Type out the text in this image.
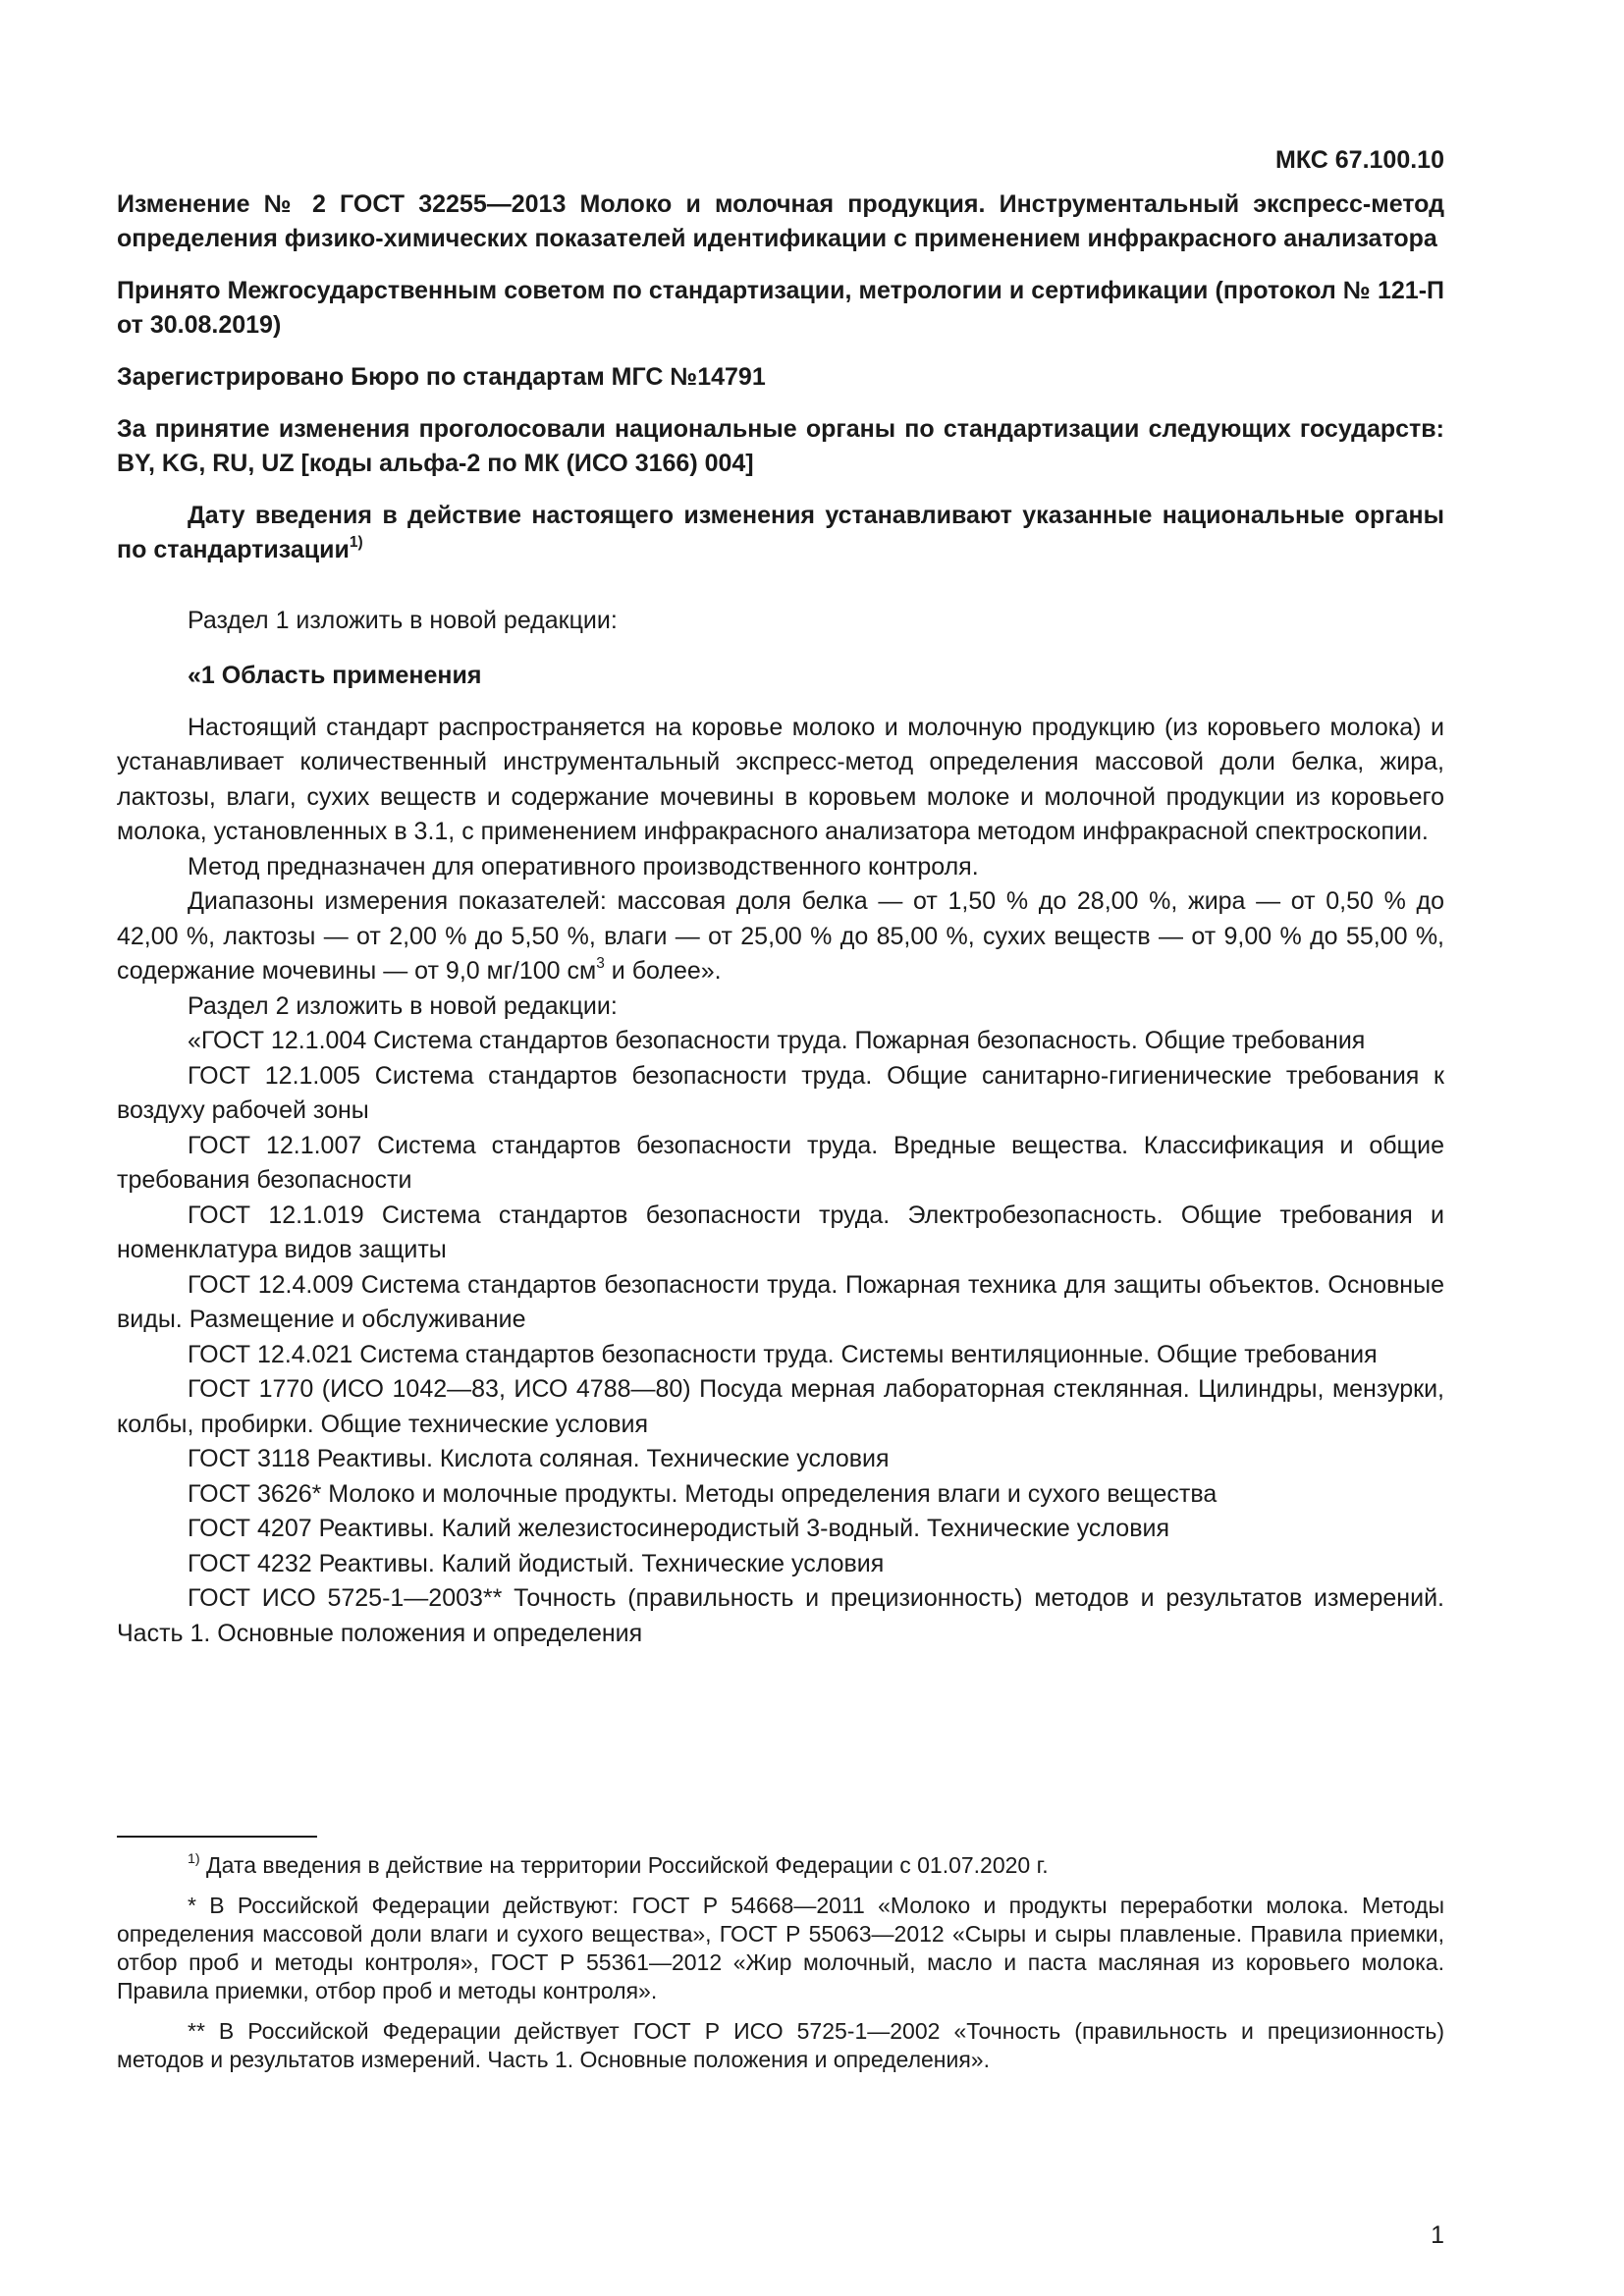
МКС 67.100.10

Изменение № 2 ГОСТ 32255—2013 Молоко и молочная продукция. Инструментальный экспресс-метод определения физико-химических показателей идентификации с применением инфракрасного анализатора

Принято Межгосударственным советом по стандартизации, метрологии и сертификации (протокол № 121-П от 30.08.2019)

Зарегистрировано Бюро по стандартам МГС №14791

За принятие изменения проголосовали национальные органы по стандартизации следующих государств: BY, KG, RU, UZ [коды альфа-2 по МК (ИСО 3166) 004]

Дату введения в действие настоящего изменения устанавливают указанные национальные органы по стандартизации$^{1)}$

Раздел 1 изложить в новой редакции:

«1 Область применения

Настоящий стандарт распространяется на коровье молоко и молочную продукцию (из коровьего молока) и устанавливает количественный инструментальный экспресс-метод определения массовой доли белка, жира, лактозы, влаги, сухих веществ и содержание мочевины в коровьем молоке и молочной продукции из коровьего молока, установленных в 3.1, с применением инфракрасного анализатора методом инфракрасной спектроскопии.

Метод предназначен для оперативного производственного контроля.

Диапазоны измерения показателей: массовая доля белка — от 1,50 % до 28,00 %, жира — от 0,50 % до 42,00 %, лактозы — от 2,00 % до 5,50 %, влаги — от 25,00 % до 85,00 %, сухих веществ — от 9,00 % до 55,00 %, содержание мочевины — от 9,0 мг/100 $см^3$ и более».

Раздел 2 изложить в новой редакции:

«ГОСТ 12.1.004 Система стандартов безопасности труда. Пожарная безопасность. Общие требования

ГОСТ 12.1.005 Система стандартов безопасности труда. Общие санитарно-гигиенические требования к воздуху рабочей зоны

ГОСТ 12.1.007 Система стандартов безопасности труда. Вредные вещества. Классификация и общие требования безопасности

ГОСТ 12.1.019 Система стандартов безопасности труда. Электробезопасность. Общие требования и номенклатура видов защиты

ГОСТ 12.4.009 Система стандартов безопасности труда. Пожарная техника для защиты объектов. Основные виды. Размещение и обслуживание

ГОСТ 12.4.021 Система стандартов безопасности труда. Системы вентиляционные. Общие требования

ГОСТ 1770 (ИСО 1042—83, ИСО 4788—80) Посуда мерная лабораторная стеклянная. Цилиндры, мензурки, колбы, пробирки. Общие технические условия

ГОСТ 3118 Реактивы. Кислота соляная. Технические условия

ГОСТ 3626* Молоко и молочные продукты. Методы определения влаги и сухого вещества

ГОСТ 4207 Реактивы. Калий железистосинеродистый 3-водный. Технические условия

ГОСТ 4232 Реактивы. Калий йодистый. Технические условия

ГОСТ ИСО 5725-1—2003** Точность (правильность и прецизионность) методов и результатов измерений. Часть 1. Основные положения и определения

$^{1)}$ Дата введения в действие на территории Российской Федерации с 01.07.2020 г.

* В Российской Федерации действуют: ГОСТ Р 54668—2011 «Молоко и продукты переработки молока. Методы определения массовой доли влаги и сухого вещества», ГОСТ Р 55063—2012 «Сыры и сыры плавленые. Правила приемки, отбор проб и методы контроля», ГОСТ Р 55361—2012 «Жир молочный, масло и паста масляная из коровьего молока. Правила приемки, отбор проб и методы контроля».

** В Российской Федерации действует ГОСТ Р ИСО 5725-1—2002 «Точность (правильность и прецизионность) методов и результатов измерений. Часть 1. Основные положения и определения».

1
